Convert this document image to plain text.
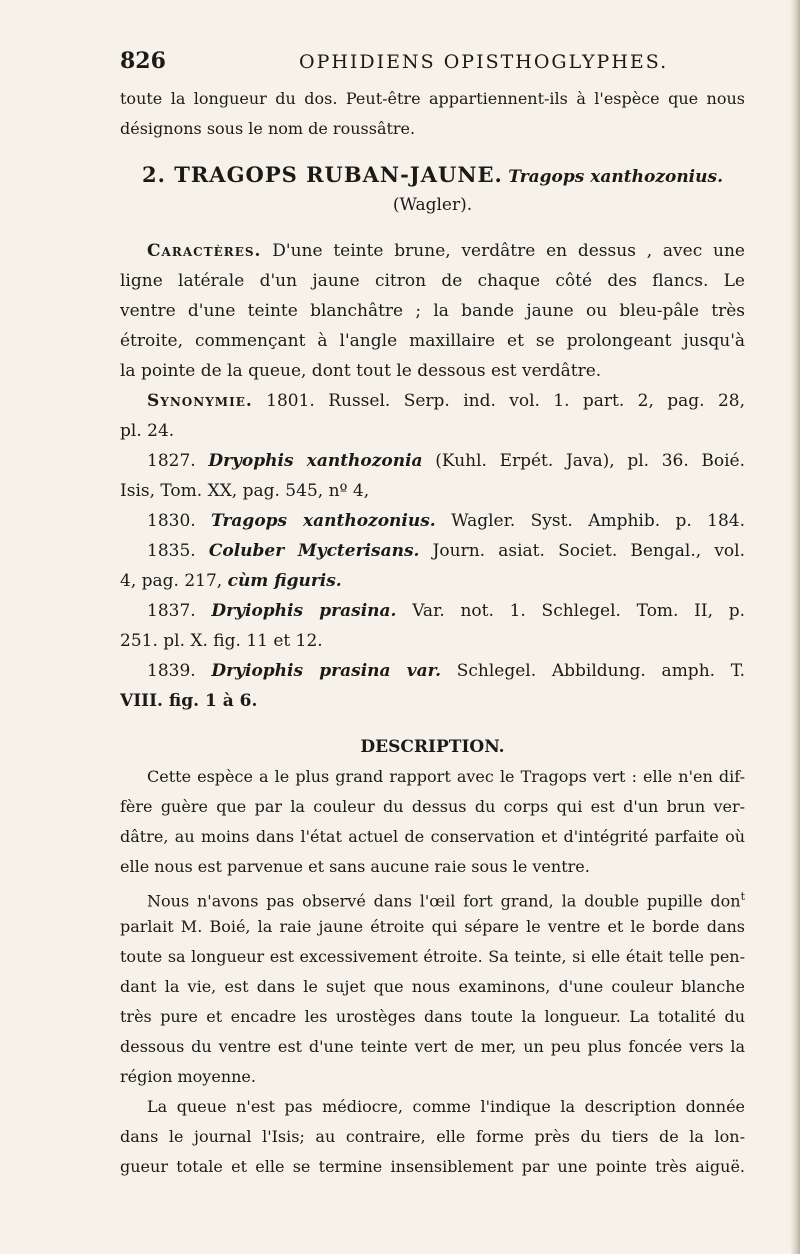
826	OPHIDIENS OPISTHOGLYPHES.
toute la longueur du dos. Peut-être appartiennent-ils à l'espèce que nous
désignons sous le nom de roussâtre.
2. TRAGOPS RUBAN-JAUNE. Tragops xanthozonius.
(Wagler).
Caractères. D'une teinte brune, verdâtre en dessus , avec une
ligne latérale d'un jaune citron de chaque côté des flancs. Le
ventre d'une teinte blanchâtre ; la bande jaune ou bleu-pâle très
étroite, commençant à l'angle maxillaire et se prolongeant jusqu'à
la pointe de la queue, dont tout le dessous est verdâtre.
Synonymie. 1801. Russel. Serp. ind. vol. 1. part. 2, pag. 28,
pl. 24.
1827. Dryophis xanthozonia (Kuhl. Erpét. Java), pl. 36. Boié.
Isis, Tom. XX, pag. 545, nº 4,
1830. Tragops xanthozonius. Wagler. Syst. Amphib. p. 184.
1835. Coluber Mycterisans. Journ. asiat. Societ. Bengal., vol.
4, pag. 217, cùm figuris.
1837. Dryiophis prasina. Var. not. 1. Schlegel. Tom. II, p.
251. pl. X. fig. 11 et 12.
1839. Dryiophis prasina var. Schlegel. Abbildung. amph. T.
VIII. fig. 1 à 6.
DESCRIPTION.
Cette espèce a le plus grand rapport avec le Tragops vert : elle n'en dif-
fère guère que par la couleur du dessus du corps qui est d'un brun ver-
dâtre, au moins dans l'état actuel de conservation et d'intégrité parfaite où
elle nous est parvenue et sans aucune raie sous le ventre.
Nous n'avons pas observé dans l'œil fort grand, la double pupille don$^t$
parlait M. Boié, la raie jaune étroite qui sépare le ventre et le borde dans
toute sa longueur est excessivement étroite. Sa teinte, si elle était telle pen-
dant la vie, est dans le sujet que nous examinons, d'une couleur blanche
très pure et encadre les urostèges dans toute la longueur. La totalité du
dessous du ventre est d'une teinte vert de mer, un peu plus foncée vers la
région moyenne.
La queue n'est pas médiocre, comme l'indique la description donnée
dans le journal l'Isis; au contraire, elle forme près du tiers de la lon-
gueur totale et elle se termine insensiblement par une pointe très aiguë.
